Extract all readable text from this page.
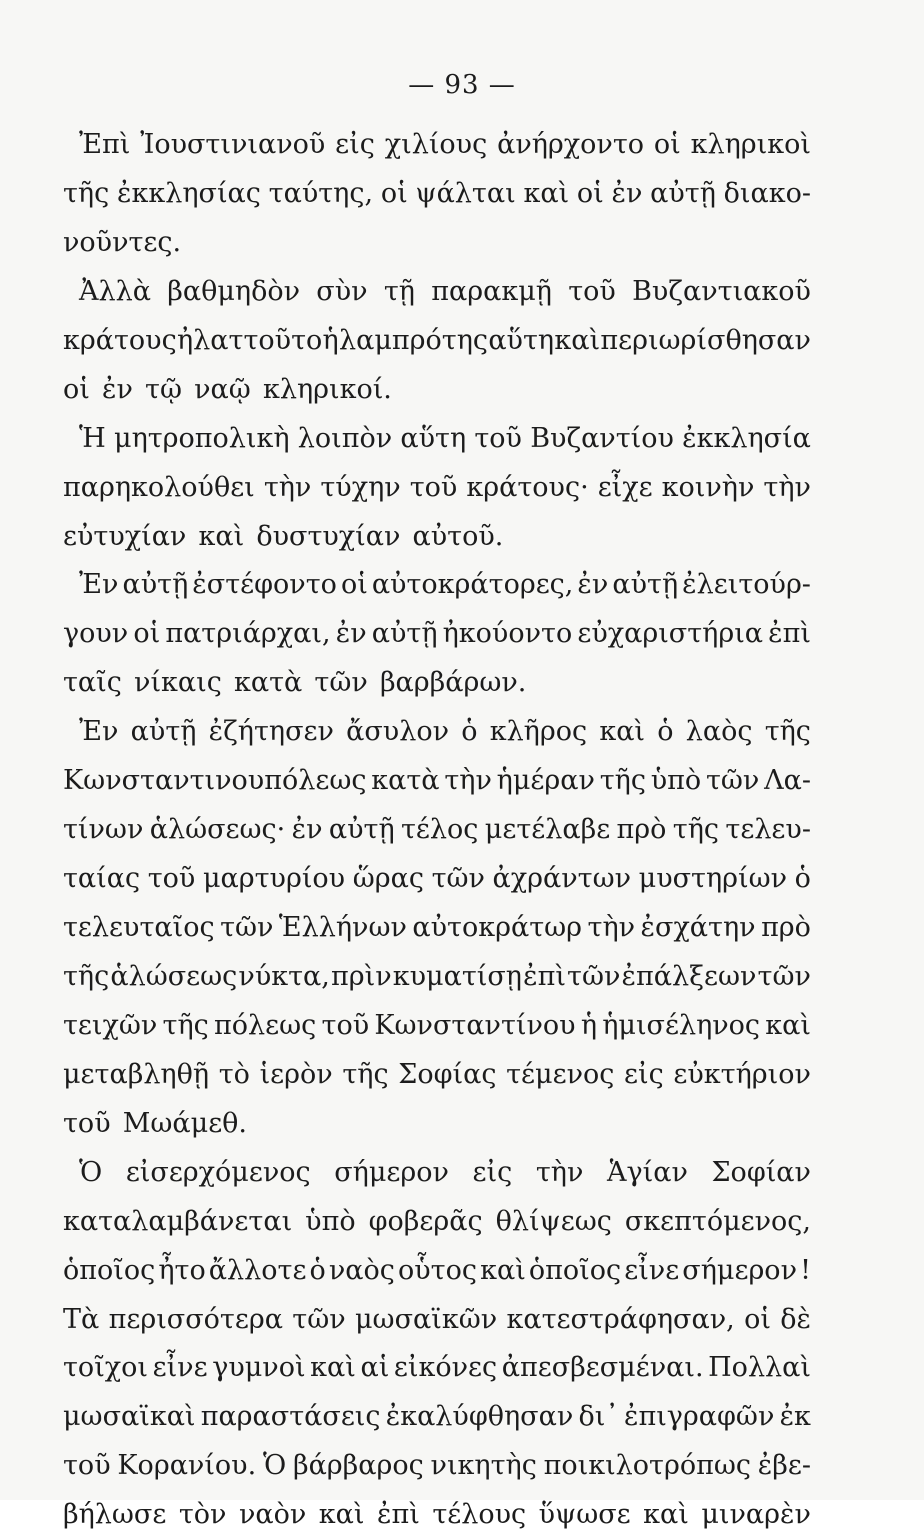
— 93 —
Ἐπὶ Ἰουστινιανοῦ εἰς χιλίους ἀνήρχοντο οἱ κληρικοὶ
τῆς ἐκκλησίας ταύτης, οἱ ψάλται καὶ οἱ ἐν αὐτῇ διακο-
νοῦντες.
Ἀλλὰ βαθμηδὸν σὺν τῇ παρακμῇ τοῦ Βυζαντιακοῦ
κράτους ἠλαττοῦτο ἡ λαμπρότης αὕτη καὶ περιωρίσθησαν
οἱ ἐν τῷ ναῷ κληρικοί.
Ἡ μητροπολικὴ λοιπὸν αὕτη τοῦ Βυζαντίου ἐκκλησία
παρηκολούθει τὴν τύχην τοῦ κράτους· εἶχε κοινὴν τὴν
εὐτυχίαν καὶ δυστυχίαν αὐτοῦ.
Ἐν αὐτῇ ἐστέφοντο οἱ αὐτοκράτορες, ἐν αὐτῇ ἐλειτούρ-
γουν οἱ πατριάρχαι, ἐν αὐτῇ ἠκούοντο εὐχαριστήρια ἐπὶ
ταῖς νίκαις κατὰ τῶν βαρβάρων.
Ἐν αὐτῇ ἐζήτησεν ἄσυλον ὁ κλῆρος καὶ ὁ λαὸς τῆς
Κωνσταντινουπόλεως κατὰ τὴν ἡμέραν τῆς ὑπὸ τῶν Λα-
τίνων ἁλώσεως· ἐν αὐτῇ τέλος μετέλαβε πρὸ τῆς τελευ-
ταίας τοῦ μαρτυρίου ὥρας τῶν ἀχράντων μυστηρίων ὁ
τελευταῖος τῶν Ἑλλήνων αὐτοκράτωρ τὴν ἐσχάτην πρὸ
τῆς ἁλώσεως νύκτα, πρὶν κυματίσῃ ἐπὶ τῶν ἐπάλξεων τῶν
τειχῶν τῆς πόλεως τοῦ Κωνσταντίνου ἡ ἡμισέληνος καὶ
μεταβληθῇ τὸ ἱερὸν τῆς Σοφίας τέμενος εἰς εὐκτήριον
τοῦ Μωάμεθ.
Ὁ εἰσερχόμενος σήμερον εἰς τὴν Ἁγίαν Σοφίαν
καταλαμβάνεται ὑπὸ φοβερᾶς θλίψεως σκεπτόμενος,
ὁποῖος ἦτο ἄλλοτε ὁ ναὸς οὗτος καὶ ὁποῖος εἶνε σήμερον !
Τὰ περισσότερα τῶν μωσαϊκῶν κατεστράφησαν, οἱ δὲ
τοῖχοι εἶνε γυμνοὶ καὶ αἱ εἰκόνες ἀπεσβεσμέναι. Πολλαὶ
μωσαϊκαὶ παραστάσεις ἐκαλύφθησαν δι᾽ ἐπιγραφῶν ἐκ
τοῦ Κορανίου. Ὁ βάρβαρος νικητὴς ποικιλοτρόπως ἐβε-
βήλωσε τὸν ναὸν καὶ ἐπὶ τέλους ὕψωσε καὶ μιναρὲν
